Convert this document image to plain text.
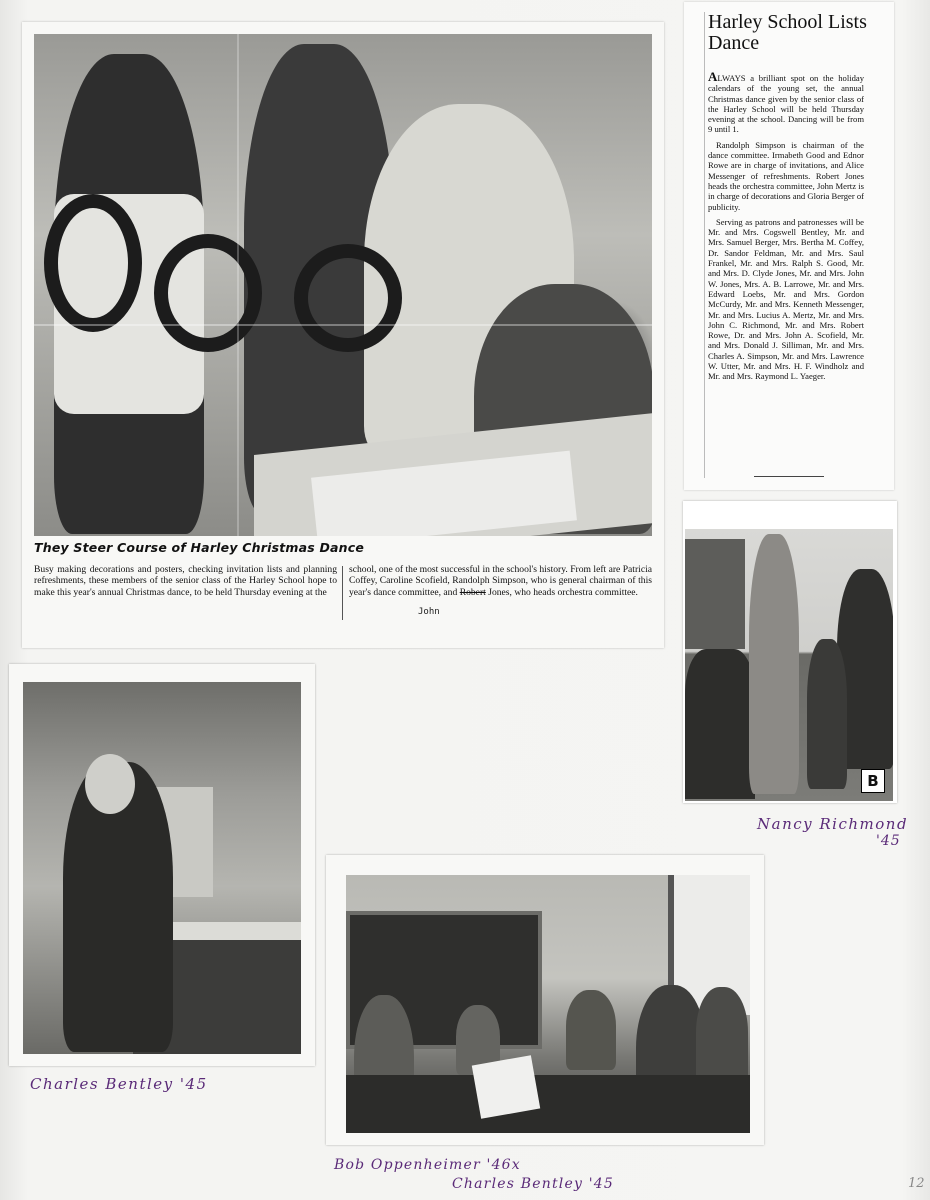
They Steer Course of Harley Christmas Dance
Busy making decorations and posters, checking invitation lists and planning refreshments, these members of the senior class of the Harley School hope to make this year's annual Christmas dance, to be held Thursday evening at the
school, one of the most successful in the school's history. From left are Patricia Coffey, Caroline Scofield, Randolph Simpson, who is general chairman of this year's dance committee, and Robert Jones, who heads orchestra committee.
John
Harley School Lists Dance

ALWAYS a brilliant spot on the holiday calendars of the young set, the annual Christmas dance given by the senior class of the Harley School will be held Thursday evening at the school. Dancing will be from 9 until 1.

Randolph Simpson is chairman of the dance committee. Irmabeth Good and Ednor Rowe are in charge of invitations, and Alice Messenger of refreshments. Robert Jones heads the orchestra committee, John Mertz is in charge of decorations and Gloria Berger of publicity.

Serving as patrons and patronesses will be Mr. and Mrs. Cogswell Bentley, Mr. and Mrs. Samuel Berger, Mrs. Bertha M. Coffey, Dr. Sandor Feldman, Mr. and Mrs. Saul Frankel, Mr. and Mrs. Ralph S. Good, Mr. and Mrs. D. Clyde Jones, Mr. and Mrs. John W. Jones, Mrs. A. B. Larrowe, Mr. and Mrs. Edward Loebs, Mr. and Mrs. Gordon McCurdy, Mr. and Mrs. Kenneth Messenger, Mr. and Mrs. Lucius A. Mertz, Mr. and Mrs. John C. Richmond, Mr. and Mrs. Robert Rowe, Dr. and Mrs. John A. Scofield, Mr. and Mrs. Donald J. Silliman, Mr. and Mrs. Charles A. Simpson, Mr. and Mrs. Lawrence W. Utter, Mr. and Mrs. H. F. Windholz and Mr. and Mrs. Raymond L. Yaeger.

B
Nancy Richmond
'45
Charles Bentley '45
Bob Oppenheimer '46x
Charles Bentley '45	12
